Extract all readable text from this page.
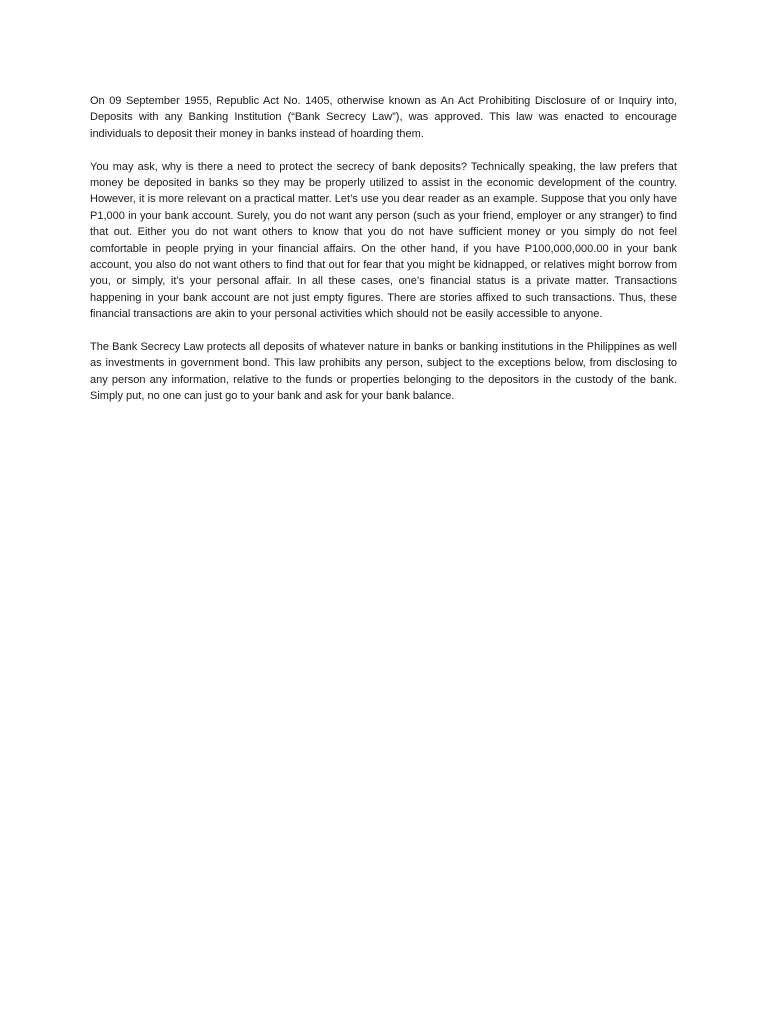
On 09 September 1955, Republic Act No. 1405, otherwise known as An Act Prohibiting Disclosure of or Inquiry into, Deposits with any Banking Institution (“Bank Secrecy Law”), was approved. This law was enacted to encourage individuals to deposit their money in banks instead of hoarding them.

You may ask, why is there a need to protect the secrecy of bank deposits? Technically speaking, the law prefers that money be deposited in banks so they may be properly utilized to assist in the economic development of the country. However, it is more relevant on a practical matter. Let’s use you dear reader as an example. Suppose that you only have P1,000 in your bank account. Surely, you do not want any person (such as your friend, employer or any stranger) to find that out. Either you do not want others to know that you do not have sufficient money or you simply do not feel comfortable in people prying in your financial affairs. On the other hand, if you have P100,000,000.00 in your bank account, you also do not want others to find that out for fear that you might be kidnapped, or relatives might borrow from you, or simply, it’s your personal affair. In all these cases, one’s financial status is a private matter. Transactions happening in your bank account are not just empty figures. There are stories affixed to such transactions. Thus, these financial transactions are akin to your personal activities which should not be easily accessible to anyone.

The Bank Secrecy Law protects all deposits of whatever nature in banks or banking institutions in the Philippines as well as investments in government bond. This law prohibits any person, subject to the exceptions below, from disclosing to any person any information, relative to the funds or properties belonging to the depositors in the custody of the bank. Simply put, no one can just go to your bank and ask for your bank balance.
